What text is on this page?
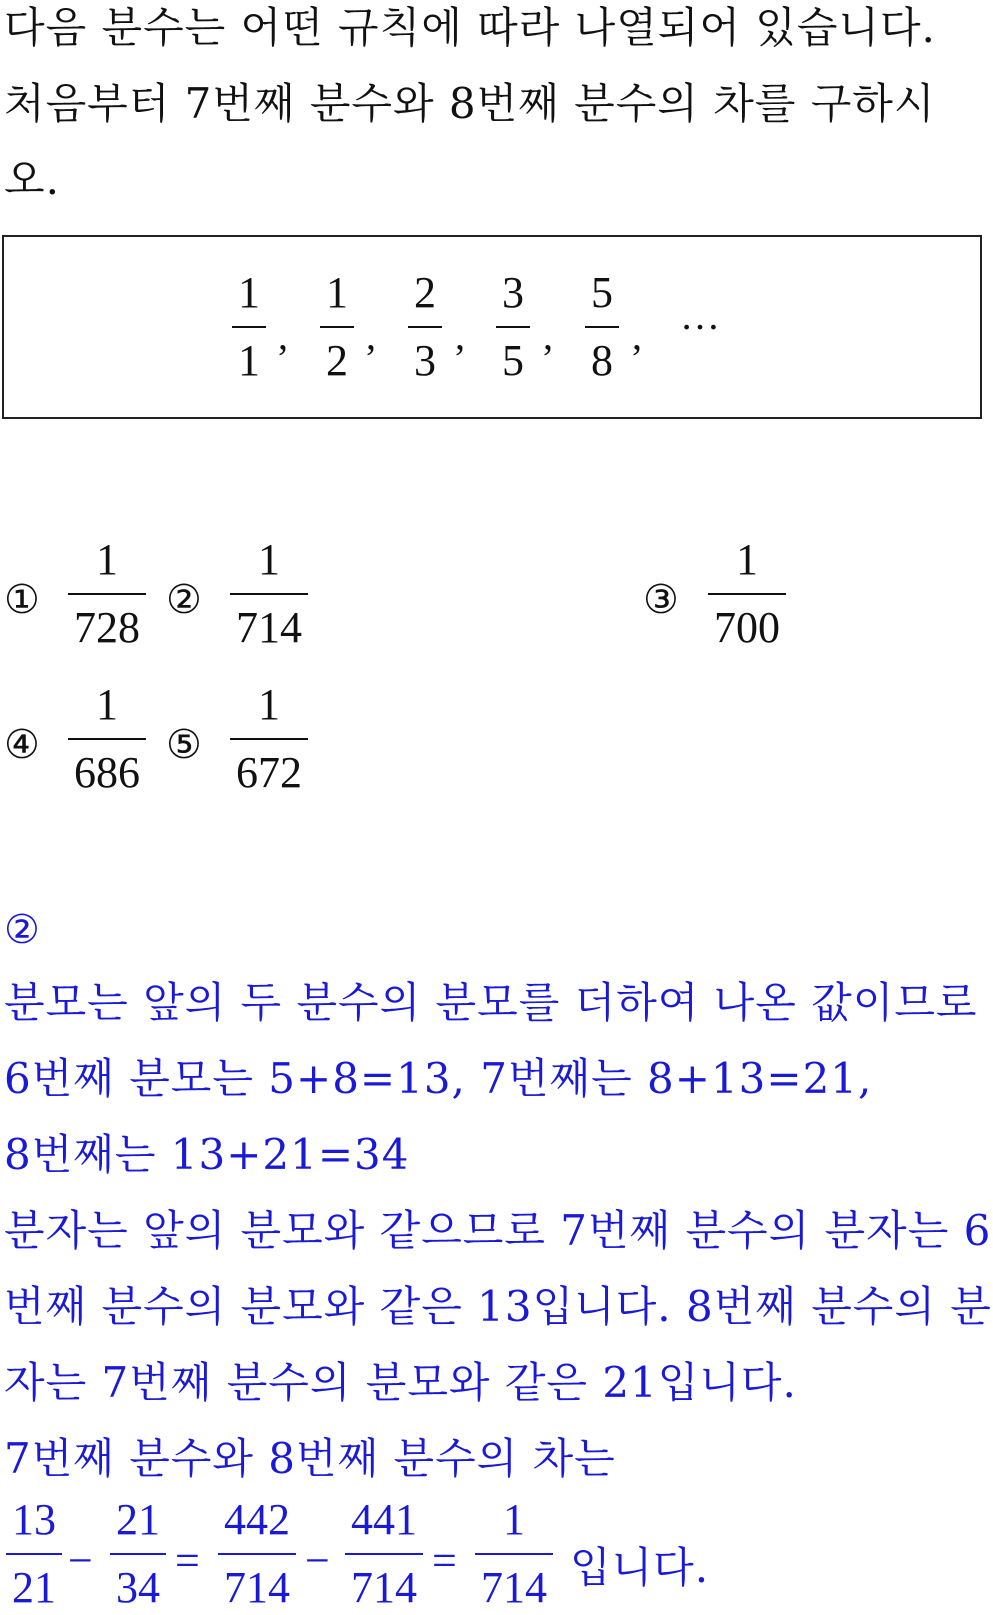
다음 분수는 어떤 규칙에 따라 나열되어 있습니다.
처음부터 7번째 분수와 8번째 분수의 차를 구하시
오.
1
1
,
1
2
,
2
3
,
3
5
,
5
8
, …
①
1
728
②
1
714
③
1
700
④
1
686
⑤
1
672
②
분모는 앞의 두 분수의 분모를 더하여 나온 값이므로
6번째 분모는 5+8=13, 7번째는 8+13=21,
8번째는 13+21=34
분자는 앞의 분모와 같으므로 7번째 분수의 분자는 6
번째 분수의 분모와 같은 13입니다. 8번째 분수의 분
자는 7번째 분수의 분모와 같은 21입니다.
7번째 분수와 8번째 분수의 차는
13
21
−
21
34
=
442
714
−
441
714
=
1
714 입니다.
